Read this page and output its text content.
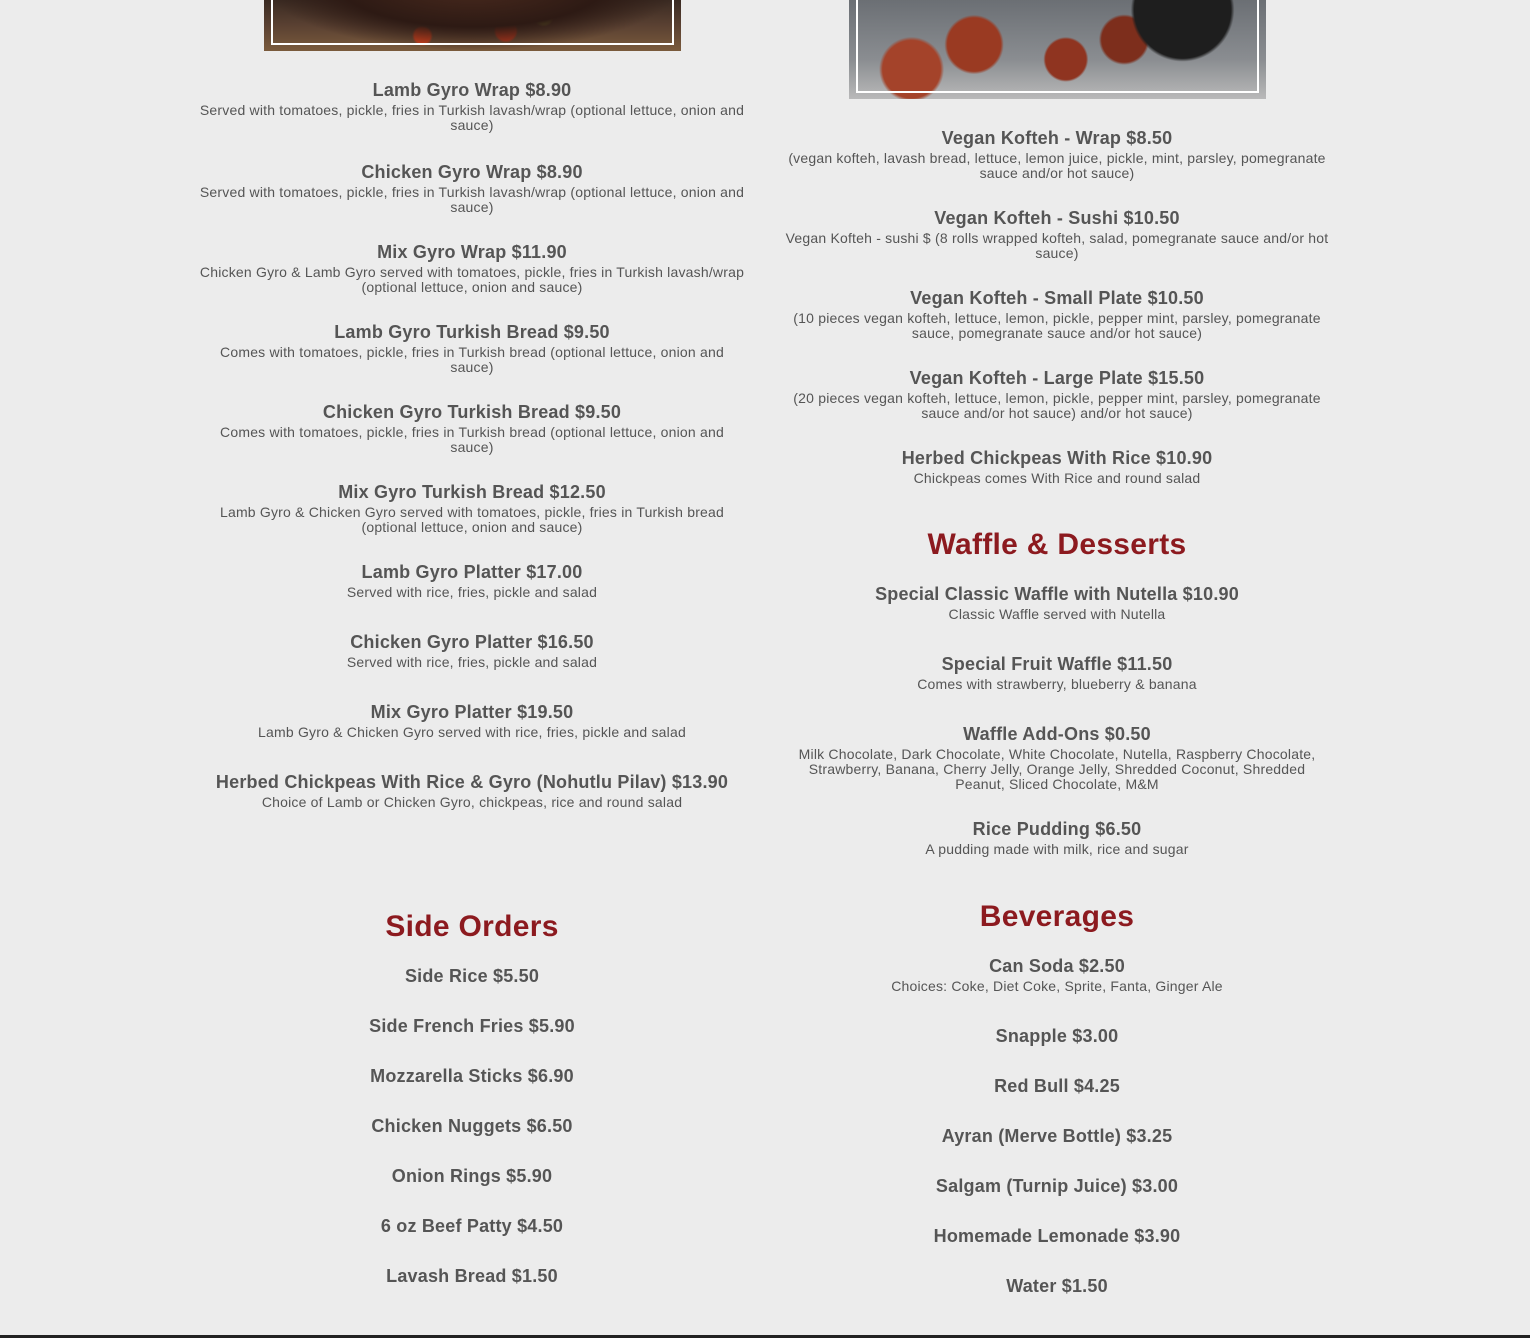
Lamb Gyro Wrap $8.90

Served with tomatoes, pickle, fries in Turkish lavash/wrap (optional lettuce, onion and sauce)

Chicken Gyro Wrap $8.90

Served with tomatoes, pickle, fries in Turkish lavash/wrap (optional lettuce, onion and sauce)

Mix Gyro Wrap $11.90

Chicken Gyro & Lamb Gyro served with tomatoes, pickle, fries in Turkish lavash/wrap (optional lettuce, onion and sauce)

Lamb Gyro Turkish Bread $9.50

Comes with tomatoes, pickle, fries in Turkish bread (optional lettuce, onion and sauce)

Chicken Gyro Turkish Bread $9.50

Comes with tomatoes, pickle, fries in Turkish bread (optional lettuce, onion and sauce)

Mix Gyro Turkish Bread $12.50

Lamb Gyro & Chicken Gyro served with tomatoes, pickle, fries in Turkish bread (optional lettuce, onion and sauce)

Lamb Gyro Platter $17.00

Served with rice, fries, pickle and salad

Chicken Gyro Platter $16.50

Served with rice, fries, pickle and salad

Mix Gyro Platter $19.50

Lamb Gyro & Chicken Gyro served with rice, fries, pickle and salad

Herbed Chickpeas With Rice & Gyro (Nohutlu Pilav) $13.90

Choice of Lamb or Chicken Gyro, chickpeas, rice and round salad

Side Orders

Side Rice $5.50

Side French Fries $5.90

Mozzarella Sticks $6.90

Chicken Nuggets $6.50

Onion Rings $5.90

6 oz Beef Patty $4.50

Lavash Bread $1.50

Vegan Kofteh - Wrap $8.50

(vegan kofteh, lavash bread, lettuce, lemon juice, pickle, mint, parsley, pomegranate sauce and/or hot sauce)

Vegan Kofteh - Sushi $10.50

Vegan Kofteh - sushi $ (8 rolls wrapped kofteh, salad, pomegranate sauce and/or hot sauce)

Vegan Kofteh - Small Plate $10.50

(10 pieces vegan kofteh, lettuce, lemon, pickle, pepper mint, parsley, pomegranate sauce, pomegranate sauce and/or hot sauce)

Vegan Kofteh - Large Plate $15.50

(20 pieces vegan kofteh, lettuce, lemon, pickle, pepper mint, parsley, pomegranate sauce and/or hot sauce) and/or hot sauce)

Herbed Chickpeas With Rice $10.90

Chickpeas comes With Rice and round salad

Waffle & Desserts

Special Classic Waffle with Nutella $10.90

Classic Waffle served with Nutella

Special Fruit Waffle $11.50

Comes with strawberry, blueberry & banana

Waffle Add-Ons $0.50

Milk Chocolate, Dark Chocolate, White Chocolate, Nutella, Raspberry Chocolate, Strawberry, Banana, Cherry Jelly, Orange Jelly, Shredded Coconut, Shredded Peanut, Sliced Chocolate, M&M

Rice Pudding $6.50

A pudding made with milk, rice and sugar

Beverages

Can Soda $2.50

Choices: Coke, Diet Coke, Sprite, Fanta, Ginger Ale

Snapple $3.00

Red Bull $4.25

Ayran (Merve Bottle) $3.25

Salgam (Turnip Juice) $3.00

Homemade Lemonade $3.90

Water $1.50
